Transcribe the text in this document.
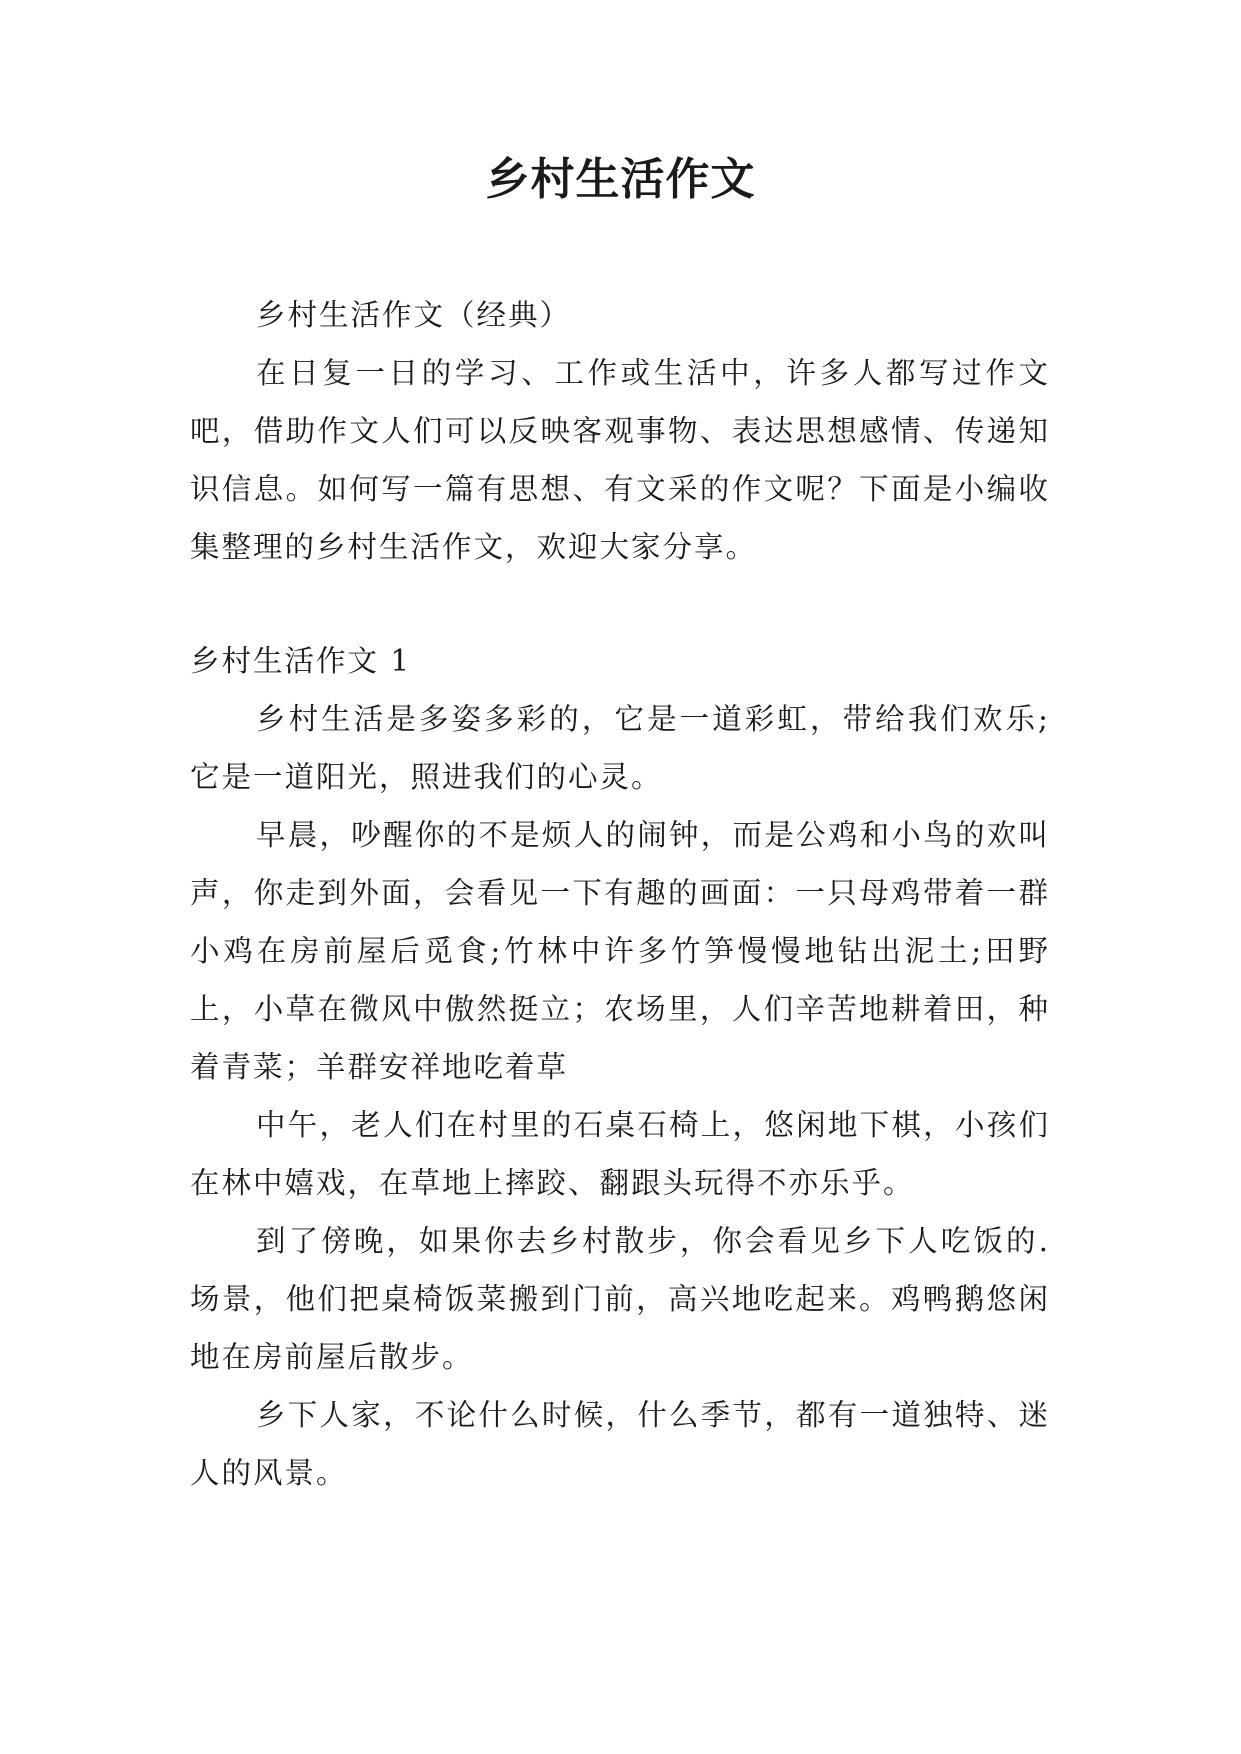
乡村生活作文

乡村生活作文（经典）

在日复一日的学习、工作或生活中，许多人都写过作文吧，借助作文人们可以反映客观事物、表达思想感情、传递知识信息。如何写一篇有思想、有文采的作文呢？下面是小编收集整理的乡村生活作文，欢迎大家分享。

乡村生活作文 1

乡村生活是多姿多彩的，它是一道彩虹，带给我们欢乐;它是一道阳光，照进我们的心灵。

早晨，吵醒你的不是烦人的闹钟，而是公鸡和小鸟的欢叫声，你走到外面，会看见一下有趣的画面：一只母鸡带着一群小鸡在房前屋后觅食;竹林中许多竹笋慢慢地钻出泥土;田野上，小草在微风中傲然挺立；农场里，人们辛苦地耕着田，种着青菜；羊群安祥地吃着草

中午，老人们在村里的石桌石椅上，悠闲地下棋，小孩们在林中嬉戏，在草地上摔跤、翻跟头玩得不亦乐乎。

到了傍晚，如果你去乡村散步，你会看见乡下人吃饭的.场景，他们把桌椅饭菜搬到门前，高兴地吃起来。鸡鸭鹅悠闲地在房前屋后散步。

乡下人家，不论什么时候，什么季节，都有一道独特、迷人的风景。
